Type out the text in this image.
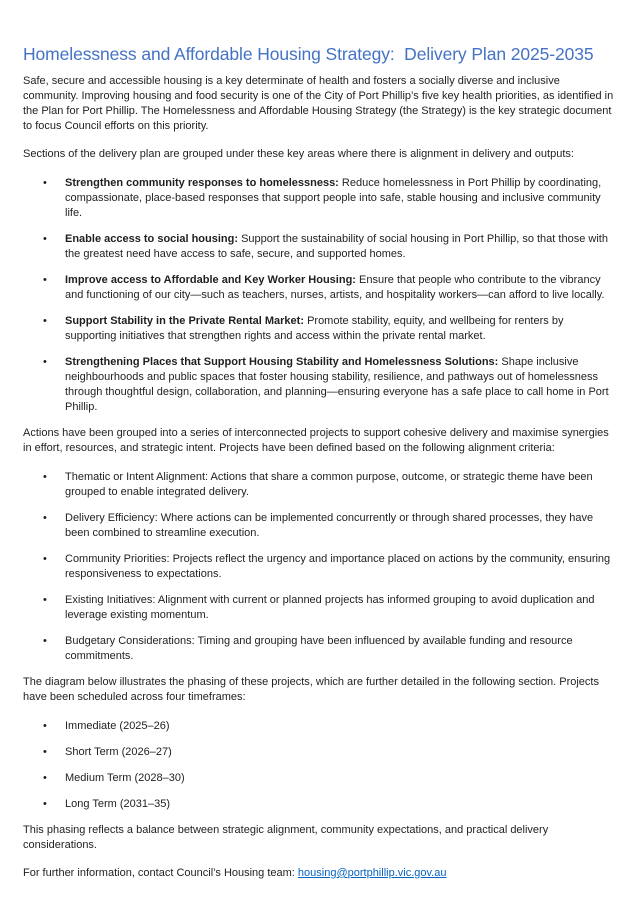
Homelessness and Affordable Housing Strategy:  Delivery Plan 2025-2035

Safe, secure and accessible housing is a key determinate of health and fosters a socially diverse and inclusive community. Improving housing and food security is one of the City of Port Phillip’s five key health priorities, as identified in the Plan for Port Phillip. The Homelessness and Affordable Housing Strategy (the Strategy) is the key strategic document to focus Council efforts on this priority.

Sections of the delivery plan are grouped under these key areas where there is alignment in delivery and outputs:

• Strengthen community responses to homelessness: Reduce homelessness in Port Phillip by coordinating, compassionate, place-based responses that support people into safe, stable housing and inclusive community life.
• Enable access to social housing: Support the sustainability of social housing in Port Phillip, so that those with the greatest need have access to safe, secure, and supported homes.
• Improve access to Affordable and Key Worker Housing: Ensure that people who contribute to the vibrancy and functioning of our city—such as teachers, nurses, artists, and hospitality workers—can afford to live locally.
• Support Stability in the Private Rental Market: Promote stability, equity, and wellbeing for renters by supporting initiatives that strengthen rights and access within the private rental market.
• Strengthening Places that Support Housing Stability and Homelessness Solutions: Shape inclusive neighbourhoods and public spaces that foster housing stability, resilience, and pathways out of homelessness through thoughtful design, collaboration, and planning—ensuring everyone has a safe place to call home in Port Phillip.

Actions have been grouped into a series of interconnected projects to support cohesive delivery and maximise synergies in effort, resources, and strategic intent. Projects have been defined based on the following alignment criteria:

• Thematic or Intent Alignment: Actions that share a common purpose, outcome, or strategic theme have been grouped to enable integrated delivery.
• Delivery Efficiency: Where actions can be implemented concurrently or through shared processes, they have been combined to streamline execution.
• Community Priorities: Projects reflect the urgency and importance placed on actions by the community, ensuring responsiveness to expectations.
• Existing Initiatives: Alignment with current or planned projects has informed grouping to avoid duplication and leverage existing momentum.
• Budgetary Considerations: Timing and grouping have been influenced by available funding and resource commitments.

The diagram below illustrates the phasing of these projects, which are further detailed in the following section. Projects have been scheduled across four timeframes:

• Immediate (2025–26)
• Short Term (2026–27)
• Medium Term (2028–30)
• Long Term (2031–35)

This phasing reflects a balance between strategic alignment, community expectations, and practical delivery considerations.

For further information, contact Council’s Housing team: housing@portphillip.vic.gov.au
